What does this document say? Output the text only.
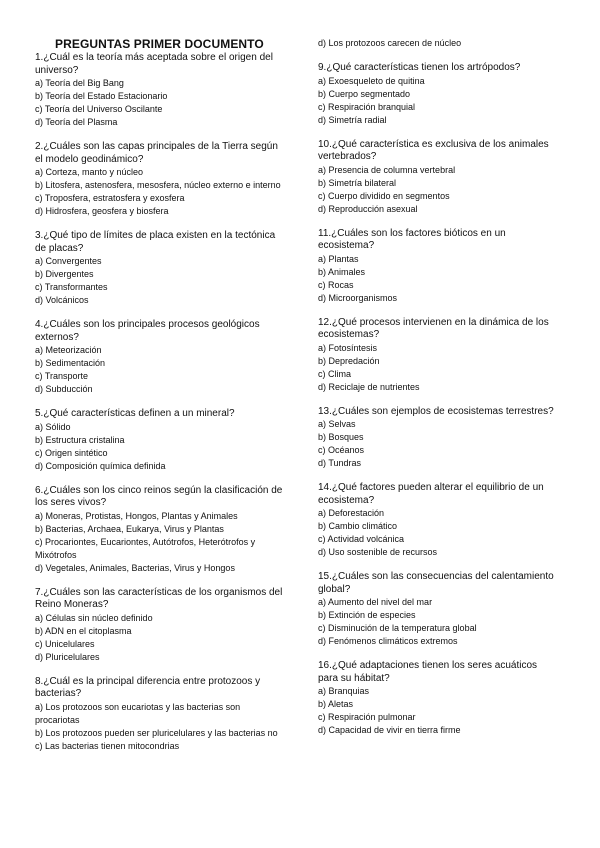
PREGUNTAS PRIMER DOCUMENTO
1.¿Cuál es la teoría más aceptada sobre el origen del universo?
a) Teoría del Big Bang
b) Teoría del Estado Estacionario
c) Teoría del Universo Oscilante
d) Teoría del Plasma
2.¿Cuáles son las capas principales de la Tierra según el modelo geodinámico?
a) Corteza, manto y núcleo
b) Litosfera, astenosfera, mesosfera, núcleo externo e interno
c) Troposfera, estratosfera y exosfera
d) Hidrosfera, geosfera y biosfera
3.¿Qué tipo de límites de placa existen en la tectónica de placas?
a) Convergentes
b) Divergentes
c) Transformantes
d) Volcánicos
4.¿Cuáles son los principales procesos geológicos externos?
a) Meteorización
b) Sedimentación
c) Transporte
d) Subducción
5.¿Qué características definen a un mineral?
a) Sólido
b) Estructura cristalina
c) Origen sintético
d) Composición química definida
6.¿Cuáles son los cinco reinos según la clasificación de los seres vivos?
a) Moneras, Protistas, Hongos, Plantas y Animales
b) Bacterias, Archaea, Eukarya, Virus y Plantas
c) Procariontes, Eucariontes, Autótrofos, Heterótrofos y Mixótrofos
d) Vegetales, Animales, Bacterias, Virus y Hongos
7.¿Cuáles son las características de los organismos del Reino Moneras?
a) Células sin núcleo definido
b) ADN en el citoplasma
c) Unicelulares
d) Pluricelulares
8.¿Cuál es la principal diferencia entre protozoos y bacterias?
a) Los protozoos son eucariotas y las bacterias son procariotas
b) Los protozoos pueden ser pluricelulares y las bacterias no
c) Las bacterias tienen mitocondrias
d) Los protozoos carecen de núcleo
9.¿Qué características tienen los artrópodos?
a) Exoesqueleto de quitina
b) Cuerpo segmentado
c) Respiración branquial
d) Simetría radial
10.¿Qué característica es exclusiva de los animales vertebrados?
a) Presencia de columna vertebral
b) Simetría bilateral
c) Cuerpo dividido en segmentos
d) Reproducción asexual
11.¿Cuáles son los factores bióticos en un ecosistema?
a) Plantas
b) Animales
c) Rocas
d) Microorganismos
12.¿Qué procesos intervienen en la dinámica de los ecosistemas?
a) Fotosíntesis
b) Depredación
c) Clima
d) Reciclaje de nutrientes
13.¿Cuáles son ejemplos de ecosistemas terrestres?
a) Selvas
b) Bosques
c) Océanos
d) Tundras
14.¿Qué factores pueden alterar el equilibrio de un ecosistema?
a) Deforestación
b) Cambio climático
c) Actividad volcánica
d) Uso sostenible de recursos
15.¿Cuáles son las consecuencias del calentamiento global?
a) Aumento del nivel del mar
b) Extinción de especies
c) Disminución de la temperatura global
d) Fenómenos climáticos extremos
16.¿Qué adaptaciones tienen los seres acuáticos para su hábitat?
a) Branquias
b) Aletas
c) Respiración pulmonar
d) Capacidad de vivir en tierra firme
